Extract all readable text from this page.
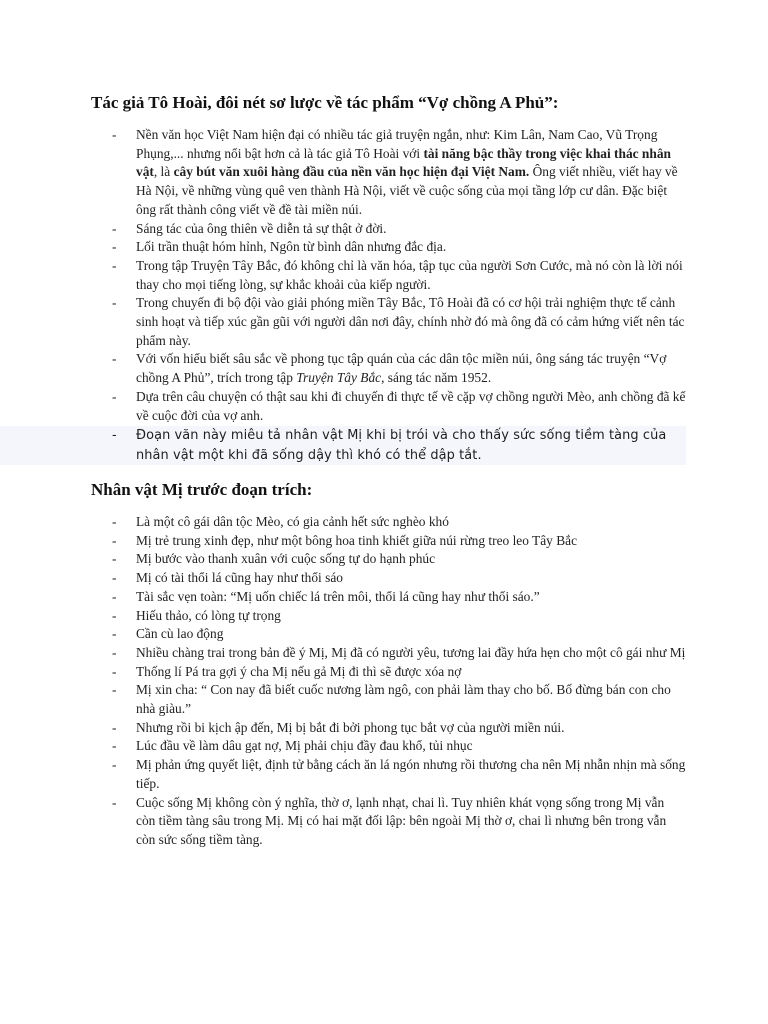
Tác giả Tô Hoài, đôi nét sơ lược về tác phẩm “Vợ chồng A Phủ”:
- Nền văn học Việt Nam hiện đại có nhiều tác giả truyện ngắn, như: Kim Lân, Nam Cao, Vũ Trọng Phụng,... nhưng nổi bật hơn cả là tác giả Tô Hoài với tài năng bậc thầy trong việc khai thác nhân vật, là cây bút văn xuôi hàng đầu của nền văn học hiện đại Việt Nam. Ông viết nhiều, viết hay về Hà Nội, về những vùng quê ven thành Hà Nội, viết về cuộc sống của mọi tầng lớp cư dân. Đặc biệt ông rất thành công viết về đề tài miền núi.
- Sáng tác của ông thiên về diễn tả sự thật ở đời.
- Lối trần thuật hóm hỉnh, Ngôn từ bình dân nhưng đắc địa.
- Trong tập Truyện Tây Bắc, đó không chỉ là văn hóa, tập tục của người Sơn Cước, mà nó còn là lời nói thay cho mọi tiếng lòng, sự khắc khoải của kiếp người.
- Trong chuyến đi bộ đội vào giải phóng miền Tây Bắc, Tô Hoài đã có cơ hội trải nghiệm thực tế cảnh sinh hoạt và tiếp xúc gần gũi với người dân nơi đây, chính nhờ đó mà ông đã có cảm hứng viết nên tác phẩm này.
- Với vốn hiểu biết sâu sắc về phong tục tập quán của các dân tộc miền núi, ông sáng tác truyện “Vợ chồng A Phủ”, trích trong tập Truyện Tây Bắc, sáng tác năm 1952.
- Dựa trên câu chuyện có thật sau khi đi chuyến đi thực tế về cặp vợ chồng người Mèo, anh chồng đã kể về cuộc đời của vợ anh.
- Đoạn văn này miêu tả nhân vật Mị khi bị trói và cho thấy sức sống tiềm tàng của nhân vật một khi đã sống dậy thì khó có thể dập tắt.
Nhân vật Mị trước đoạn trích:
- Là một cô gái dân tộc Mèo, có gia cảnh hết sức nghèo khó
- Mị trẻ trung xinh đẹp, như một bông hoa tinh khiết giữa núi rừng treo leo Tây Bắc
- Mị bước vào thanh xuân với cuộc sống tự do hạnh phúc
- Mị có tài thổi lá cũng hay như thổi sáo
- Tài sắc vẹn toàn: “Mị uốn chiếc lá trên môi, thổi lá cũng hay như thổi sáo.”
- Hiếu thảo, có lòng tự trọng
- Cần cù lao động
- Nhiều chàng trai trong bản đề ý Mị, Mị đã có người yêu, tương lai đầy hứa hẹn cho một cô gái như Mị
- Thống lí Pá tra gợi ý cha Mị nếu gả Mị đi thì sẽ được xóa nợ
- Mị xin cha: “ Con nay đã biết cuốc nương làm ngô, con phải làm thay cho bố. Bố đừng bán con cho nhà giàu.”
- Nhưng rồi bi kịch ập đến, Mị bị bắt đi bởi phong tục bắt vợ của người miền núi.
- Lúc đầu về làm dâu gạt nợ, Mị phải chịu đầy đau khổ, tủi nhục
- Mị phản ứng quyết liệt, định tử bằng cách ăn lá ngón nhưng rồi thương cha nên Mị nhẫn nhịn mà sống tiếp.
- Cuộc sống Mị không còn ý nghĩa, thờ ơ, lạnh nhạt, chai lì. Tuy nhiên khát vọng sống trong Mị vẫn còn tiềm tàng sâu trong Mị. Mị có hai mặt đối lập: bên ngoài Mị thờ ơ, chai lì nhưng bên trong vẫn còn sức sống tiềm tàng.
